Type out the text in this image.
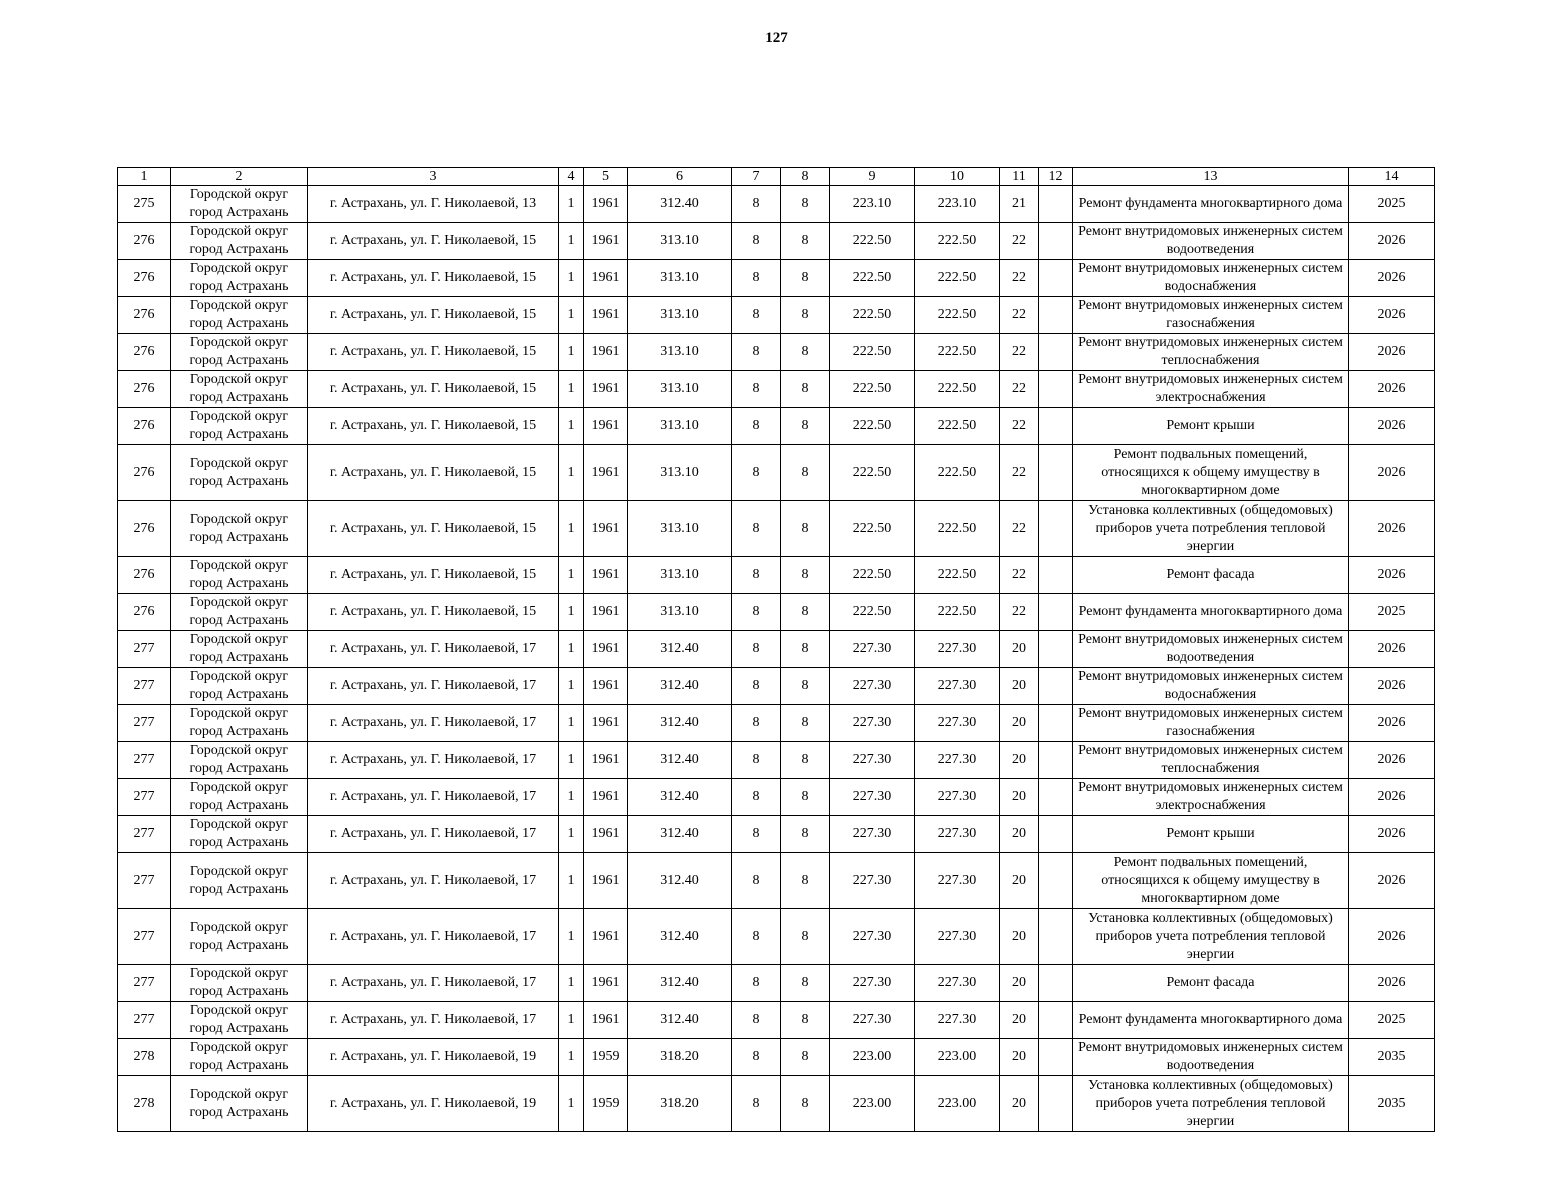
127
1	2	3	4	5	6	7	8	9	10	11	12	13	14
275	Городской округ город Астрахань	г. Астрахань, ул. Г. Николаевой, 13	1	1961	312.40	8	8	223.10	223.10	21		Ремонт фундамента многоквартирного дома	2025
276	Городской округ город Астрахань	г. Астрахань, ул. Г. Николаевой, 15	1	1961	313.10	8	8	222.50	222.50	22		Ремонт внутридомовых инженерных систем водоотведения	2026
276	Городской округ город Астрахань	г. Астрахань, ул. Г. Николаевой, 15	1	1961	313.10	8	8	222.50	222.50	22		Ремонт внутридомовых инженерных систем водоснабжения	2026
276	Городской округ город Астрахань	г. Астрахань, ул. Г. Николаевой, 15	1	1961	313.10	8	8	222.50	222.50	22		Ремонт внутридомовых инженерных систем газоснабжения	2026
276	Городской округ город Астрахань	г. Астрахань, ул. Г. Николаевой, 15	1	1961	313.10	8	8	222.50	222.50	22		Ремонт внутридомовых инженерных систем теплоснабжения	2026
276	Городской округ город Астрахань	г. Астрахань, ул. Г. Николаевой, 15	1	1961	313.10	8	8	222.50	222.50	22		Ремонт внутридомовых инженерных систем электроснабжения	2026
276	Городской округ город Астрахань	г. Астрахань, ул. Г. Николаевой, 15	1	1961	313.10	8	8	222.50	222.50	22		Ремонт крыши	2026
276	Городской округ город Астрахань	г. Астрахань, ул. Г. Николаевой, 15	1	1961	313.10	8	8	222.50	222.50	22		Ремонт подвальных помещений, относящихся к общему имуществу в многоквартирном доме	2026
276	Городской округ город Астрахань	г. Астрахань, ул. Г. Николаевой, 15	1	1961	313.10	8	8	222.50	222.50	22		Установка коллективных (общедомовых) приборов учета потребления тепловой энергии	2026
276	Городской округ город Астрахань	г. Астрахань, ул. Г. Николаевой, 15	1	1961	313.10	8	8	222.50	222.50	22		Ремонт фасада	2026
276	Городской округ город Астрахань	г. Астрахань, ул. Г. Николаевой, 15	1	1961	313.10	8	8	222.50	222.50	22		Ремонт фундамента многоквартирного дома	2025
277	Городской округ город Астрахань	г. Астрахань, ул. Г. Николаевой, 17	1	1961	312.40	8	8	227.30	227.30	20		Ремонт внутридомовых инженерных систем водоотведения	2026
277	Городской округ город Астрахань	г. Астрахань, ул. Г. Николаевой, 17	1	1961	312.40	8	8	227.30	227.30	20		Ремонт внутридомовых инженерных систем водоснабжения	2026
277	Городской округ город Астрахань	г. Астрахань, ул. Г. Николаевой, 17	1	1961	312.40	8	8	227.30	227.30	20		Ремонт внутридомовых инженерных систем газоснабжения	2026
277	Городской округ город Астрахань	г. Астрахань, ул. Г. Николаевой, 17	1	1961	312.40	8	8	227.30	227.30	20		Ремонт внутридомовых инженерных систем теплоснабжения	2026
277	Городской округ город Астрахань	г. Астрахань, ул. Г. Николаевой, 17	1	1961	312.40	8	8	227.30	227.30	20		Ремонт внутридомовых инженерных систем электроснабжения	2026
277	Городской округ город Астрахань	г. Астрахань, ул. Г. Николаевой, 17	1	1961	312.40	8	8	227.30	227.30	20		Ремонт крыши	2026
277	Городской округ город Астрахань	г. Астрахань, ул. Г. Николаевой, 17	1	1961	312.40	8	8	227.30	227.30	20		Ремонт подвальных помещений, относящихся к общему имуществу в многоквартирном доме	2026
277	Городской округ город Астрахань	г. Астрахань, ул. Г. Николаевой, 17	1	1961	312.40	8	8	227.30	227.30	20		Установка коллективных (общедомовых) приборов учета потребления тепловой энергии	2026
277	Городской округ город Астрахань	г. Астрахань, ул. Г. Николаевой, 17	1	1961	312.40	8	8	227.30	227.30	20		Ремонт фасада	2026
277	Городской округ город Астрахань	г. Астрахань, ул. Г. Николаевой, 17	1	1961	312.40	8	8	227.30	227.30	20		Ремонт фундамента многоквартирного дома	2025
278	Городской округ город Астрахань	г. Астрахань, ул. Г. Николаевой, 19	1	1959	318.20	8	8	223.00	223.00	20		Ремонт внутридомовых инженерных систем водоотведения	2035
278	Городской округ город Астрахань	г. Астрахань, ул. Г. Николаевой, 19	1	1959	318.20	8	8	223.00	223.00	20		Установка коллективных (общедомовых) приборов учета потребления тепловой энергии	2035
